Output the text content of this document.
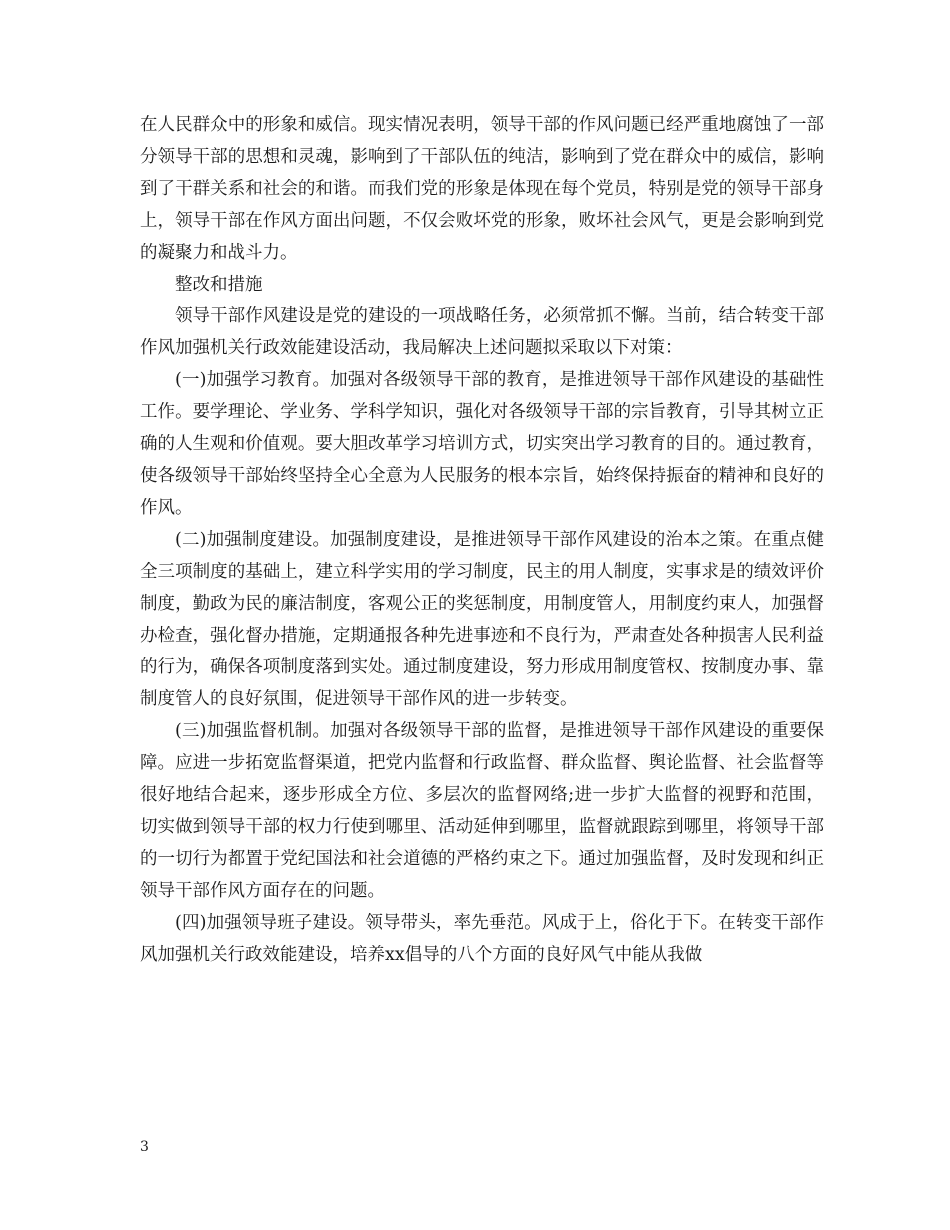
在人民群众中的形象和威信。现实情况表明，领导干部的作风问题已经严重地腐蚀了一部分领导干部的思想和灵魂，影响到了干部队伍的纯洁，影响到了党在群众中的威信，影响到了干群关系和社会的和谐。而我们党的形象是体现在每个党员，特别是党的领导干部身上，领导干部在作风方面出问题，不仅会败坏党的形象，败坏社会风气，更是会影响到党的凝聚力和战斗力。

整改和措施

领导干部作风建设是党的建设的一项战略任务，必须常抓不懈。当前，结合转变干部作风加强机关行政效能建设活动，我局解决上述问题拟采取以下对策：

(一)加强学习教育。加强对各级领导干部的教育，是推进领导干部作风建设的基础性工作。要学理论、学业务、学科学知识，强化对各级领导干部的宗旨教育，引导其树立正确的人生观和价值观。要大胆改革学习培训方式，切实突出学习教育的目的。通过教育，使各级领导干部始终坚持全心全意为人民服务的根本宗旨，始终保持振奋的精神和良好的作风。

(二)加强制度建设。加强制度建设，是推进领导干部作风建设的治本之策。在重点健全三项制度的基础上，建立科学实用的学习制度，民主的用人制度，实事求是的绩效评价制度，勤政为民的廉洁制度，客观公正的奖惩制度，用制度管人，用制度约束人，加强督办检查，强化督办措施，定期通报各种先进事迹和不良行为，严肃查处各种损害人民利益的行为，确保各项制度落到实处。通过制度建设，努力形成用制度管权、按制度办事、靠制度管人的良好氛围，促进领导干部作风的进一步转变。

(三)加强监督机制。加强对各级领导干部的监督，是推进领导干部作风建设的重要保障。应进一步拓宽监督渠道，把党内监督和行政监督、群众监督、舆论监督、社会监督等很好地结合起来，逐步形成全方位、多层次的监督网络;进一步扩大监督的视野和范围，切实做到领导干部的权力行使到哪里、活动延伸到哪里，监督就跟踪到哪里，将领导干部的一切行为都置于党纪国法和社会道德的严格约束之下。通过加强监督，及时发现和纠正领导干部作风方面存在的问题。

(四)加强领导班子建设。领导带头，率先垂范。风成于上，俗化于下。在转变干部作风加强机关行政效能建设，培养xx倡导的八个方面的良好风气中能从我做

3
